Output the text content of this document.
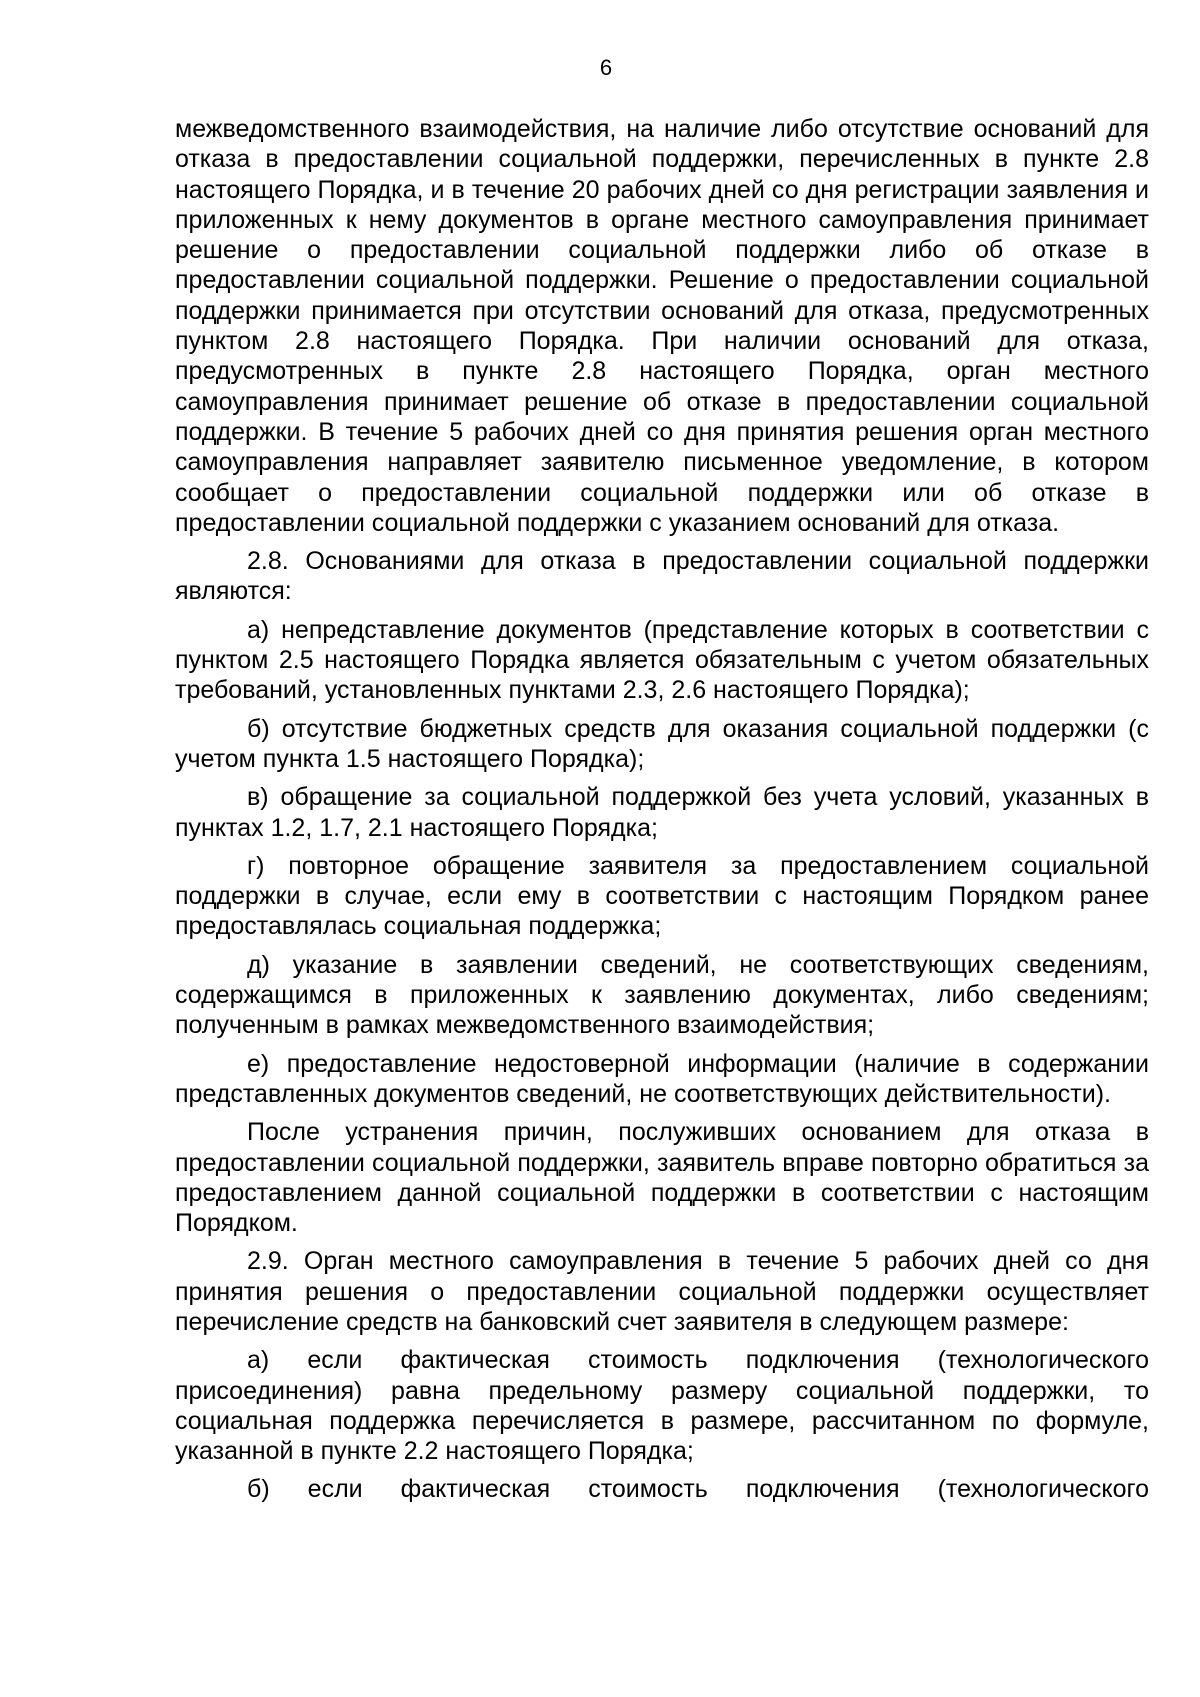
6

межведомственного взаимодействия, на наличие либо отсутствие оснований для отказа в предоставлении социальной поддержки, перечисленных в пункте 2.8 настоящего Порядка, и в течение 20 рабочих дней со дня регистрации заявления и приложенных к нему документов в органе местного самоуправления принимает решение о предоставлении социальной поддержки либо об отказе в предоставлении социальной поддержки. Решение о предоставлении социальной поддержки принимается при отсутствии оснований для отказа, предусмотренных пунктом 2.8 настоящего Порядка. При наличии оснований для отказа, предусмотренных в пункте 2.8 настоящего Порядка, орган местного самоуправления принимает решение об отказе в предоставлении социальной поддержки. В течение 5 рабочих дней со дня принятия решения орган местного самоуправления направляет заявителю письменное уведомление, в котором сообщает о предоставлении социальной поддержки или об отказе в предоставлении социальной поддержки с указанием оснований для отказа.

2.8. Основаниями для отказа в предоставлении социальной поддержки являются:

а) непредставление документов (представление которых в соответствии с пунктом 2.5 настоящего Порядка является обязательным с учетом обязательных требований, установленных пунктами 2.3, 2.6 настоящего Порядка);

б) отсутствие бюджетных средств для оказания социальной поддержки (с учетом пункта 1.5 настоящего Порядка);

в) обращение за социальной поддержкой без учета условий, указанных в пунктах 1.2, 1.7, 2.1 настоящего Порядка;

г) повторное обращение заявителя за предоставлением социальной поддержки в случае, если ему в соответствии с настоящим Порядком ранее предоставлялась социальная поддержка;

д) указание в заявлении сведений, не соответствующих сведениям, содержащимся в приложенных к заявлению документах, либо сведениям; полученным в рамках межведомственного взаимодействия;

е) предоставление недостоверной информации (наличие в содержании представленных документов сведений, не соответствующих действительности).

После устранения причин, послуживших основанием для отказа в предоставлении социальной поддержки, заявитель вправе повторно обратиться за предоставлением данной социальной поддержки в соответствии с настоящим Порядком.

2.9. Орган местного самоуправления в течение 5 рабочих дней со дня принятия решения о предоставлении социальной поддержки осуществляет перечисление средств на банковский счет заявителя в следующем размере:

а) если фактическая стоимость подключения (технологического присоединения) равна предельному размеру социальной поддержки, то социальная поддержка перечисляется в размере, рассчитанном по формуле, указанной в пункте 2.2 настоящего Порядка;

б) если фактическая стоимость подключения (технологического
